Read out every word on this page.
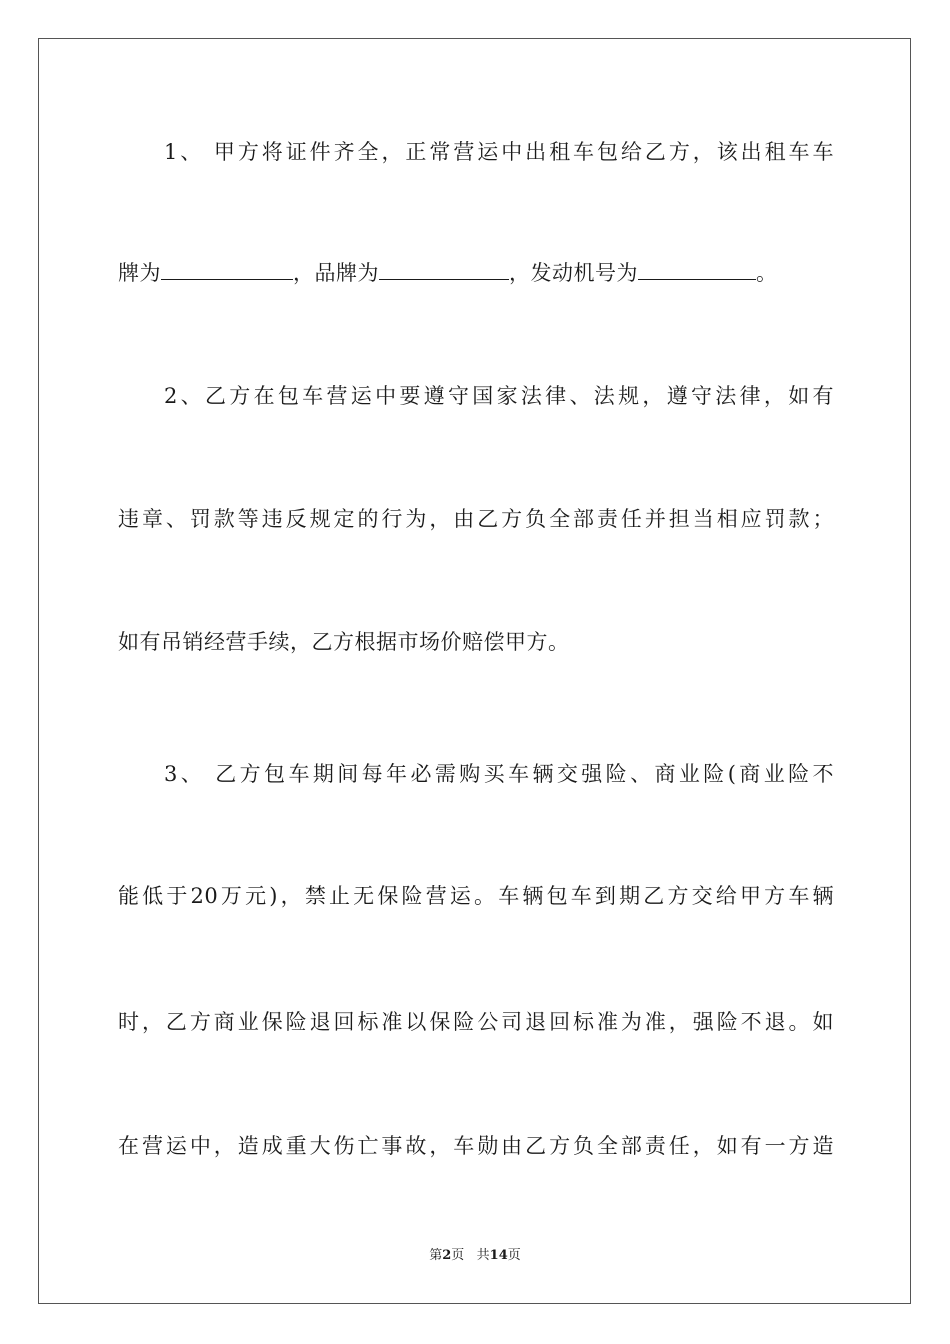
1、 甲方将证件齐全，正常营运中出租车包给乙方，该出租车车
牌为	，品牌为	，发动机号为	。
2、乙方在包车营运中要遵守国家法律、法规，遵守法律，如有
违章、罚款等违反规定的行为，由乙方负全部责任并担当相应罚款；
如有吊销经营手续，乙方根据市场价赔偿甲方。
3、 乙方包车期间每年必需购买车辆交强险、商业险(商业险不
能低于20万元)，禁止无保险营运。车辆包车到期乙方交给甲方车辆
时，乙方商业保险退回标准以保险公司退回标准为准，强险不退。如
在营运中，造成重大伤亡事故，车勋由乙方负全部责任，如有一方造
第2页   共14页
